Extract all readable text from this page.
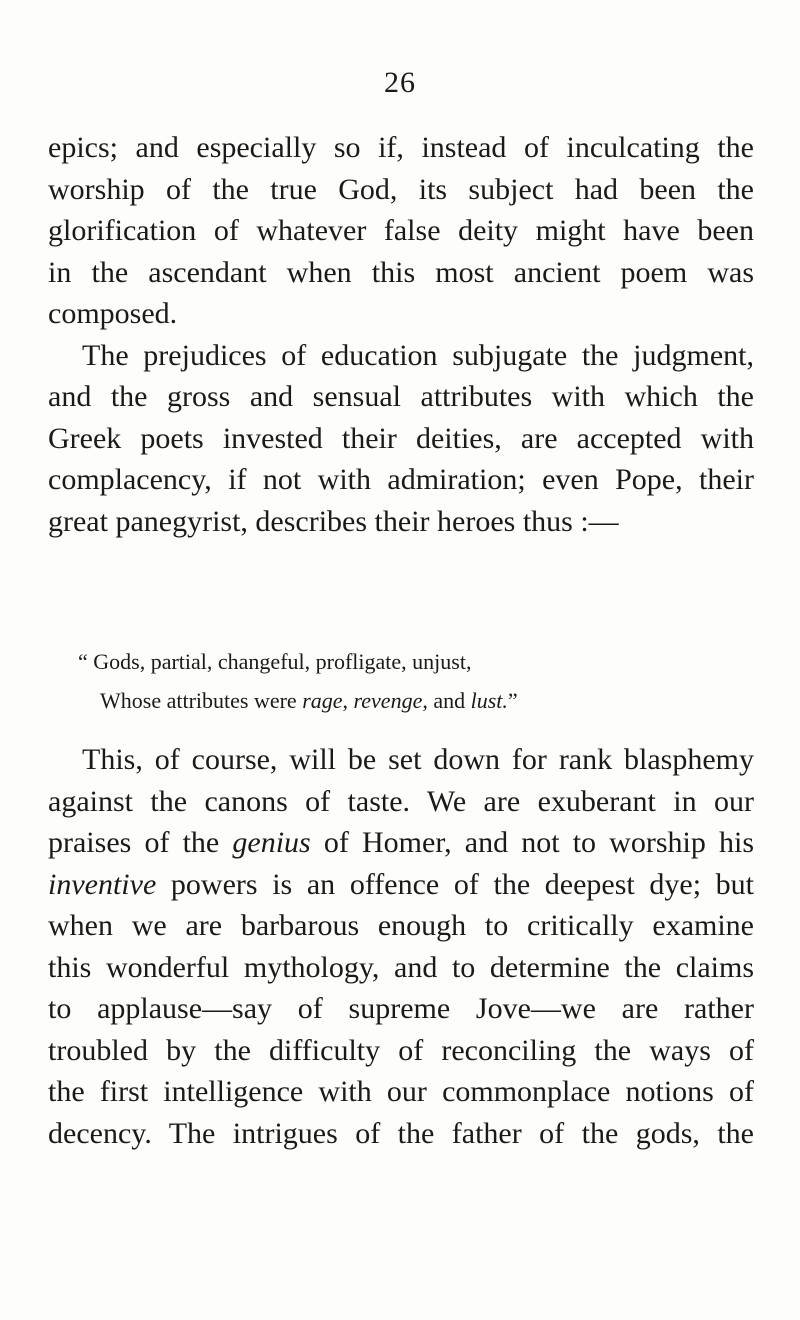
26
epics; and especially so if, instead of inculcating the
worship of the true God, its subject had been the
glorification of whatever false deity might have been
in the ascendant when this most ancient poem was
composed.
The prejudices of education subjugate the judgment,
and the gross and sensual attributes with which the
Greek poets invested their deities, are accepted with
complacency, if not with admiration; even Pope, their
great panegyrist, describes their heroes thus :—
“ Gods, partial, changeful, profligate, unjust,
Whose attributes were rage, revenge, and lust.”
This, of course, will be set down for rank blasphemy
against the canons of taste. We are exuberant in our
praises of the genius of Homer, and not to worship his
inventive powers is an offence of the deepest dye; but
when we are barbarous enough to critically examine
this wonderful mythology, and to determine the claims
to applause—say of supreme Jove—we are rather
troubled by the difficulty of reconciling the ways of
the first intelligence with our commonplace notions of
decency. The intrigues of the father of the gods, the
